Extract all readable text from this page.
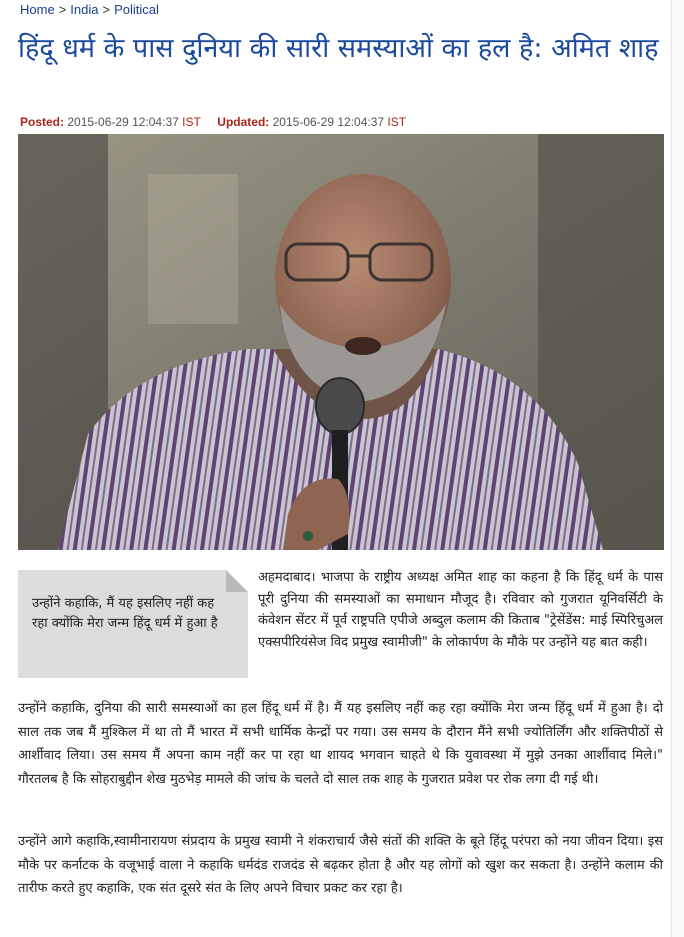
Home > India > Political
हिंदू धर्म के पास दुनिया की सारी समस्याओं का हल है: अमित शाह
Posted: 2015-06-29 12:04:37 IST Updated: 2015-06-29 12:04:37 IST

उन्होंने कहाकि, मैं यह इसलिए नहीं कह रहा क्योंकि मेरा जन्म हिंदू धर्म में हुआ है

अहमदाबाद। भाजपा के राष्ट्रीय अध्यक्ष अमित शाह का कहना है कि हिंदू धर्म के पास पूरी दुनिया की समस्याओं का समाधान मौजूद है। रविवार को गुजरात यूनिवर्सिटी के कंवेशन सेंटर में पूर्व राष्ट्रपति एपीजे अब्दुल कलाम की किताब "ट्रेसेंडेंस: माई स्पिरिचुअल एक्सपीरियंसेज विद प्रमुख स्वामीजी" के लोकार्पण के मौके पर उन्होंने यह बात कही।

उन्होंने कहाकि, दुनिया की सारी समस्याओं का हल हिंदू धर्म में है। मैं यह इसलिए नहीं कह रहा क्योंकि मेरा जन्म हिंदू धर्म में हुआ है। दो साल तक जब मैं मुश्किल में था तो मैं भारत में सभी धार्मिक केन्द्रों पर गया। उस समय के दौरान मैंने सभी ज्योतिर्लिंग और शक्तिपीठों से आर्शीवाद लिया। उस समय मैं अपना काम नहीं कर पा रहा था शायद भगवान चाहते थे कि युवावस्था में मुझे उनका आर्शीवाद मिले।" गौरतलब है कि सोहराबुद्दीन शेख मुठभेड़ मामले की जांच के चलते दो साल तक शाह के गुजरात प्रवेश पर रोक लगा दी गई थी।

उन्होंने आगे कहाकि,स्वामीनारायण संप्रदाय के प्रमुख स्वामी ने शंकराचार्य जैसे संतों की शक्ति के बूते हिंदू परंपरा को नया जीवन दिया। इस मौके पर कर्नाटक के वजूभाई वाला ने कहाकि धर्मदंड राजदंड से बढ़कर होता है और यह लोगों को खुश कर सकता है। उन्होंने कलाम की तारीफ करते हुए कहाकि, एक संत दूसरे संत के लिए अपने विचार प्रकट कर रहा है।
